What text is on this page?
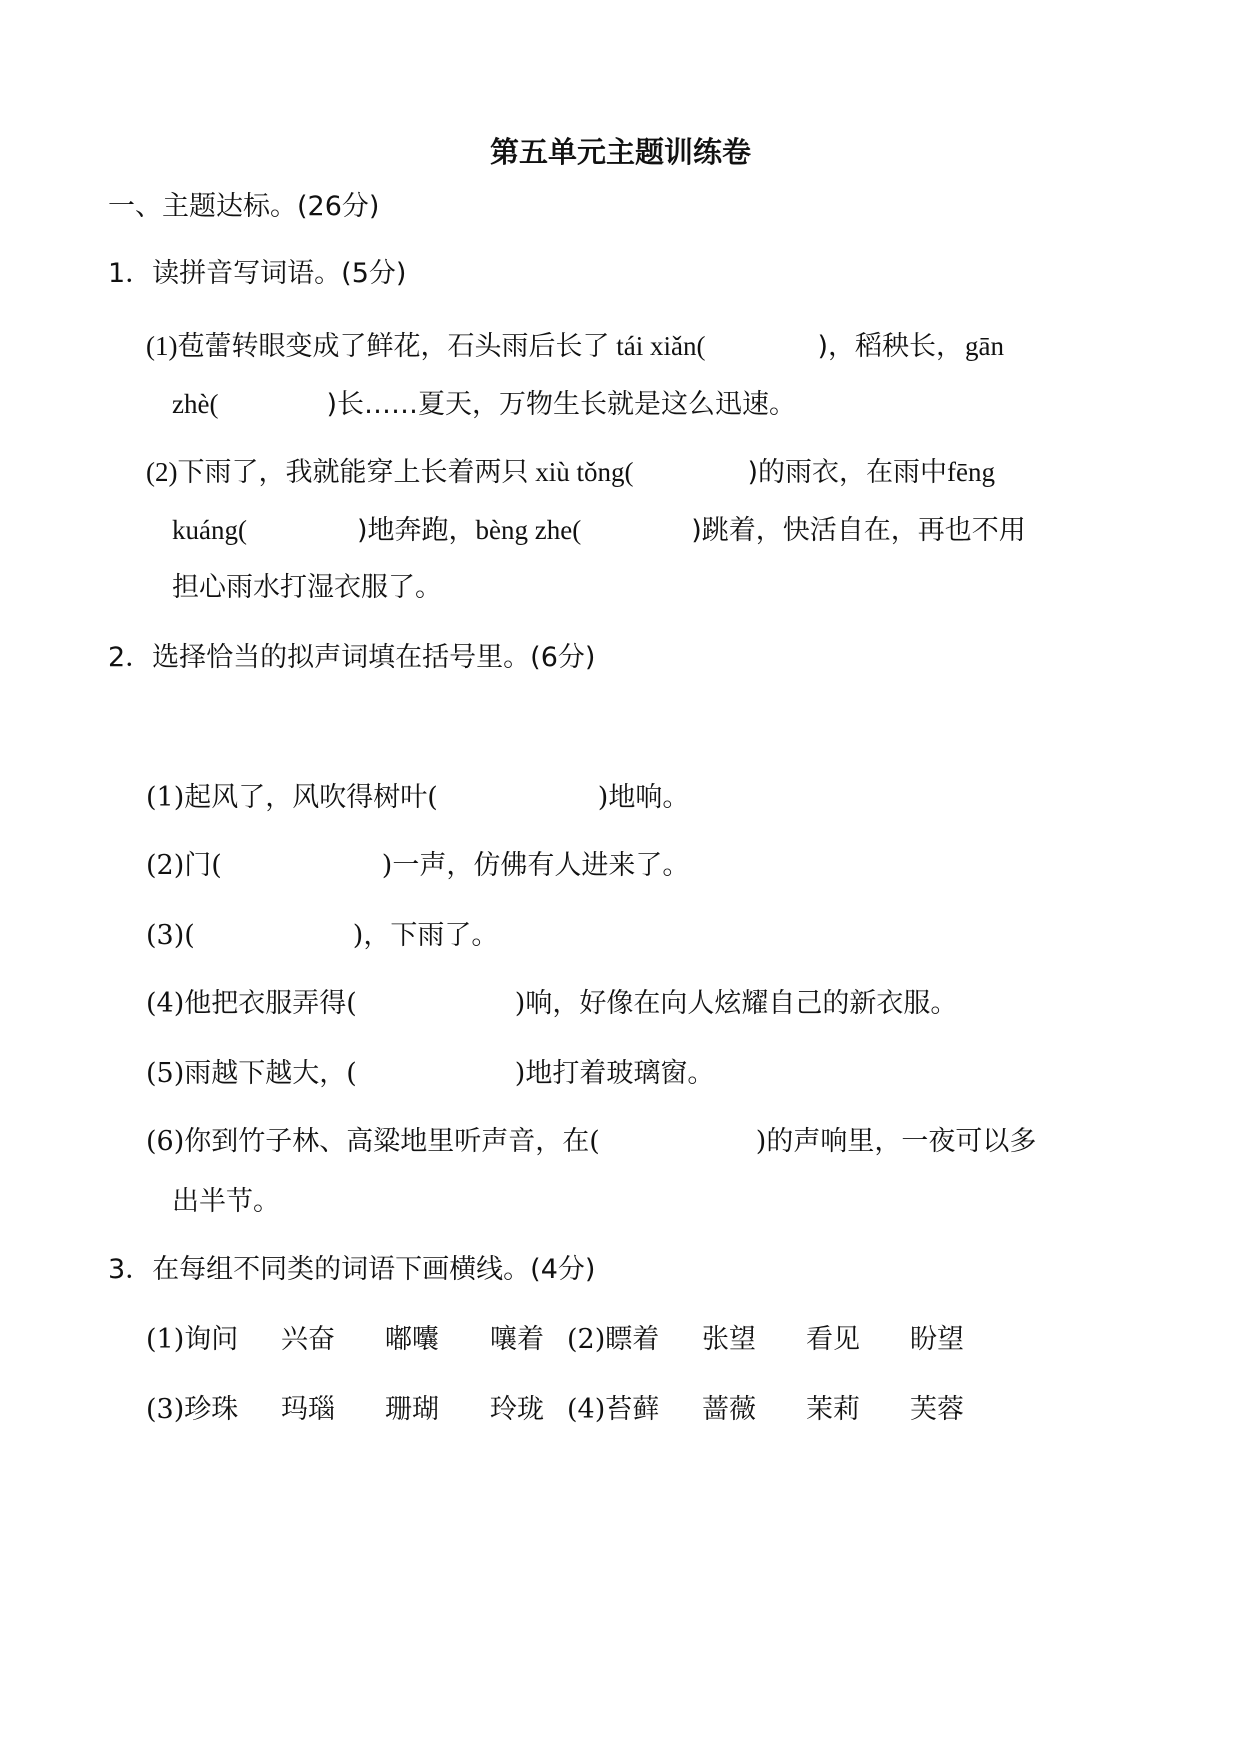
第五单元主题训练卷
一、主题达标。(26分)
1．读拼音写词语。(5分)
(1)苞蕾转眼变成了鲜花，石头雨后长了 tái xiǎn(	)，稻秧长， gān
zhè(	)长……夏天，万物生长就是这么迅速。
(2)下雨了，我就能穿上长着两只 xiù tǒng(	)的雨衣，在雨中 fēng
kuáng(	)地奔跑，bèng zhe(	)跳着，快活自在，再也不用
担心雨水打湿衣服了。
2．选择恰当的拟声词填在括号里。(6分)
(1)起风了，风吹得树叶(	)地响。
(2)门(	)一声，仿佛有人进来了。
(3)(	)，下雨了。
(4)他把衣服弄得(	)响，好像在向人炫耀自己的新衣服。
(5)雨越下越大，(	)地打着玻璃窗。
(6)你到竹子林、高粱地里听声音，在(	)的声响里，一夜可以多
出半节。
3．在每组不同类的词语下画横线。(4分)
(1)询问 兴奋 嘟囔 嚷着 (2)瞟着 张望 看见 盼望
(3)珍珠 玛瑙 珊瑚 玲珑 (4)苔藓 蔷薇 茉莉 芙蓉
